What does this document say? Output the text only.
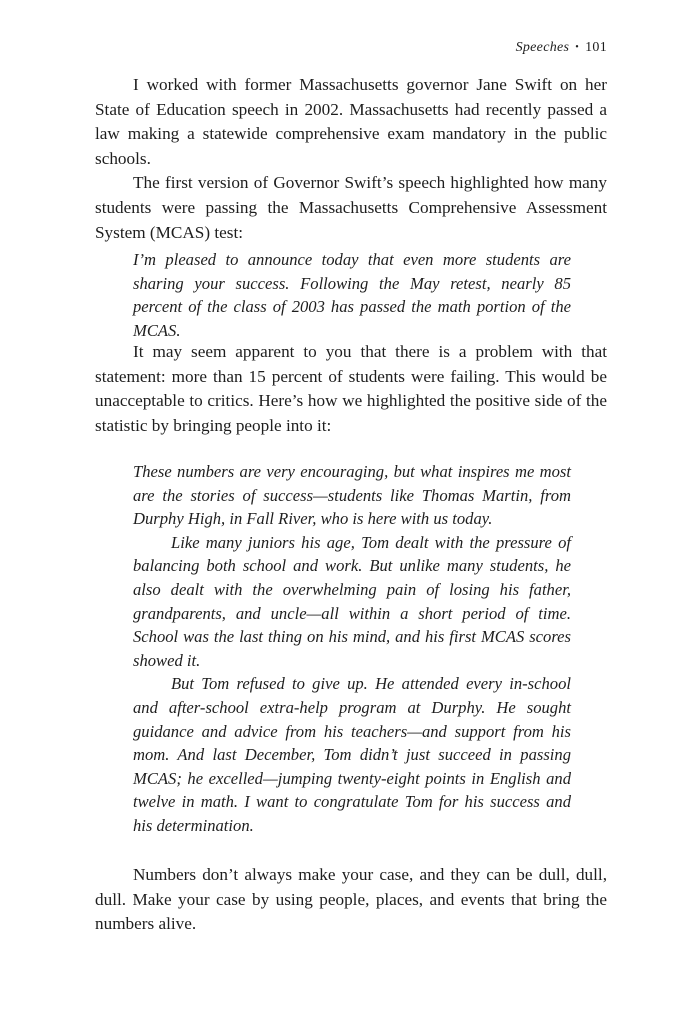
Speeches • 101

I worked with former Massachusetts governor Jane Swift on her State of Education speech in 2002. Massachusetts had recently passed a law making a statewide comprehensive exam mandatory in the public schools.

The first version of Governor Swift’s speech highlighted how many students were passing the Massachusetts Comprehensive Assessment System (MCAS) test:

I’m pleased to announce today that even more students are sharing your success. Following the May retest, nearly 85 percent of the class of 2003 has passed the math portion of the MCAS.

It may seem apparent to you that there is a problem with that statement: more than 15 percent of students were failing. This would be unacceptable to critics. Here’s how we highlighted the positive side of the statistic by bringing people into it:

These numbers are very encouraging, but what inspires me most are the stories of success—students like Thomas Martin, from Durphy High, in Fall River, who is here with us today.

Like many juniors his age, Tom dealt with the pressure of balancing both school and work. But unlike many students, he also dealt with the overwhelming pain of losing his father, grandparents, and uncle—all within a short period of time. School was the last thing on his mind, and his first MCAS scores showed it.

But Tom refused to give up. He attended every in-school and after-school extra-help program at Durphy. He sought guidance and advice from his teachers—and support from his mom. And last December, Tom didn’t just succeed in passing MCAS; he excelled—jumping twenty-eight points in English and twelve in math. I want to congratulate Tom for his success and his determination.

Numbers don’t always make your case, and they can be dull, dull, dull. Make your case by using people, places, and events that bring the numbers alive.
